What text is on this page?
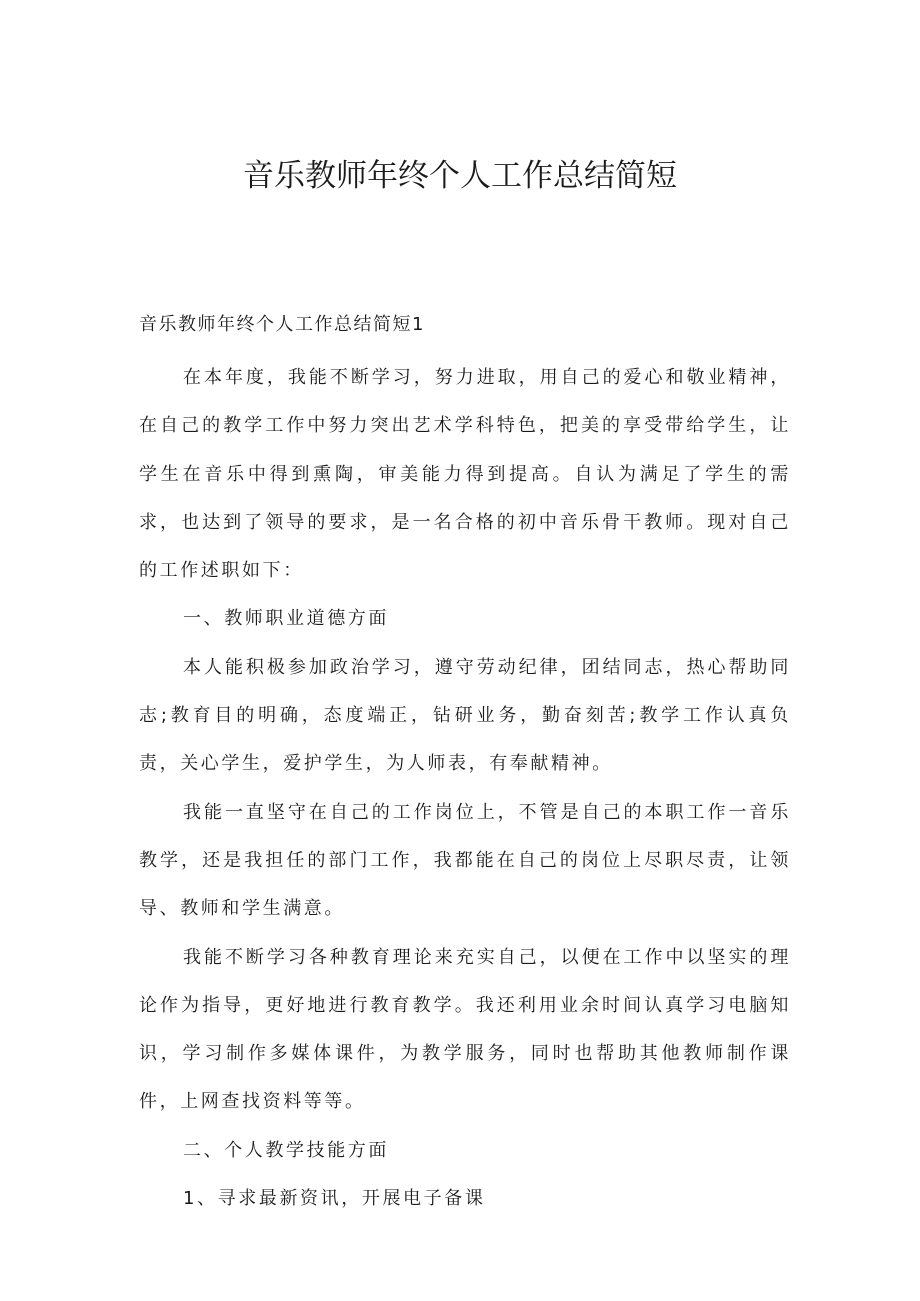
音乐教师年终个人工作总结简短

音乐教师年终个人工作总结简短1

在本年度，我能不断学习，努力进取，用自己的爱心和敬业精神，在自己的教学工作中努力突出艺术学科特色，把美的享受带给学生，让学生在音乐中得到熏陶，审美能力得到提高。自认为满足了学生的需求，也达到了领导的要求，是一名合格的初中音乐骨干教师。现对自己的工作述职如下：

一、教师职业道德方面

本人能积极参加政治学习，遵守劳动纪律，团结同志，热心帮助同志;教育目的明确，态度端正，钻研业务，勤奋刻苦;教学工作认真负责，关心学生，爱护学生，为人师表，有奉献精神。

我能一直坚守在自己的工作岗位上，不管是自己的本职工作一音乐教学，还是我担任的部门工作，我都能在自己的岗位上尽职尽责，让领导、教师和学生满意。

我能不断学习各种教育理论来充实自己，以便在工作中以坚实的理论作为指导，更好地进行教育教学。我还利用业余时间认真学习电脑知识，学习制作多媒体课件，为教学服务，同时也帮助其他教师制作课件，上网查找资料等等。

二、个人教学技能方面

1、寻求最新资讯，开展电子备课
